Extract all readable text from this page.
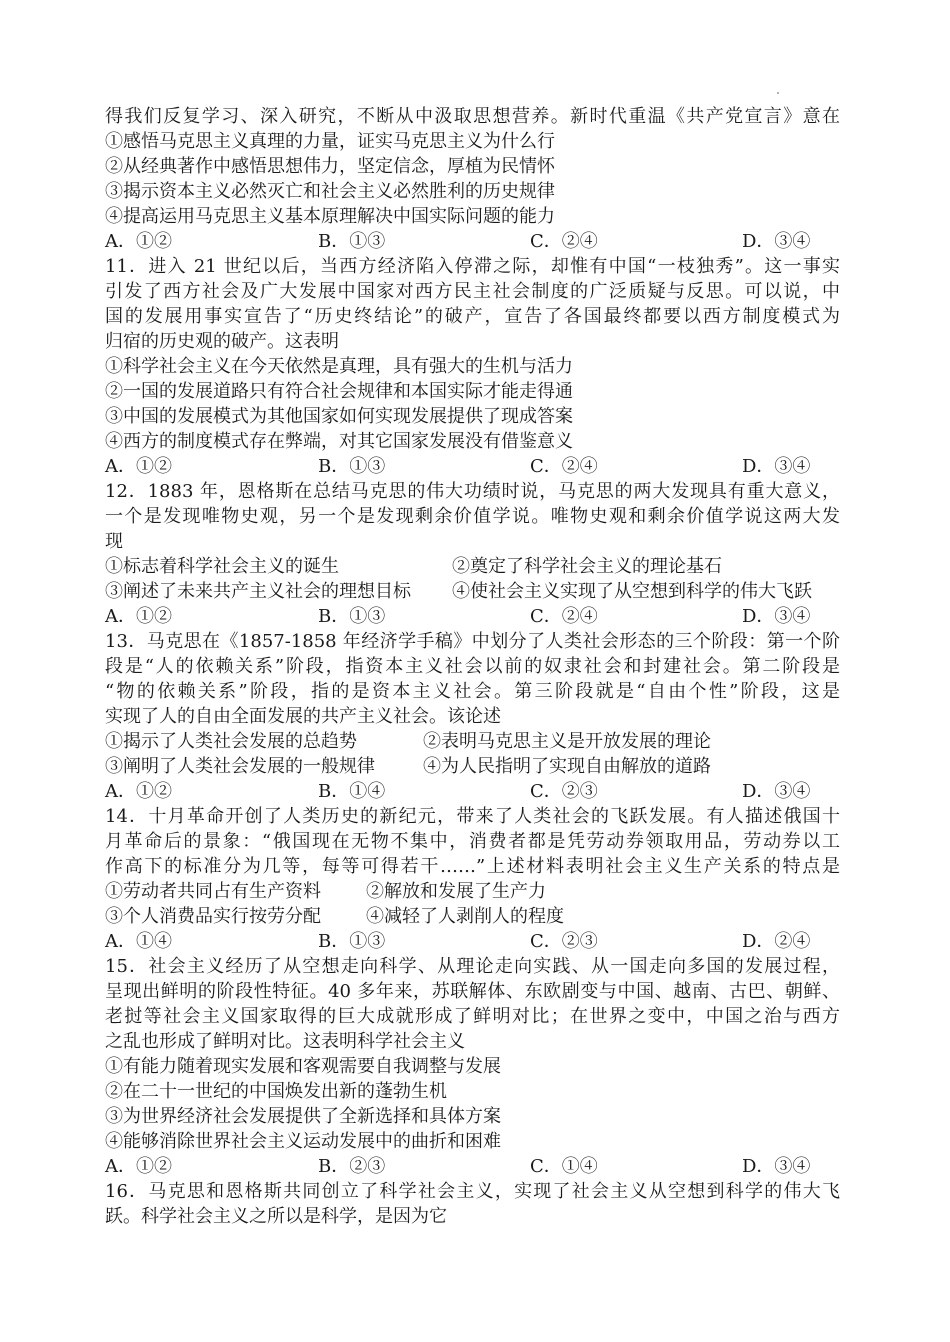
得我们反复学习、深入研究，不断从中汲取思想营养。新时代重温《共产党宣言》意在
①感悟马克思主义真理的力量，证实马克思主义为什么行
②从经典著作中感悟思想伟力，坚定信念，厚植为民情怀
③揭示资本主义必然灭亡和社会主义必然胜利的历史规律
④提高运用马克思主义基本原理解决中国实际问题的能力
A．①②	B．①③	C．②④	D．③④
11．进入 21 世纪以后，当西方经济陷入停滞之际，却惟有中国“一枝独秀”。这一事实
引发了西方社会及广大发展中国家对西方民主社会制度的广泛质疑与反思。可以说，中
国的发展用事实宣告了“历史终结论”的破产，宣告了各国最终都要以西方制度模式为
归宿的历史观的破产。这表明
①科学社会主义在今天依然是真理，具有强大的生机与活力
②一国的发展道路只有符合社会规律和本国实际才能走得通
③中国的发展模式为其他国家如何实现发展提供了现成答案
④西方的制度模式存在弊端，对其它国家发展没有借鉴意义
A．①②	B．①③	C．②④	D．③④
12．1883 年，恩格斯在总结马克思的伟大功绩时说，马克思的两大发现具有重大意义，
一个是发现唯物史观，另一个是发现剩余价值学说。唯物史观和剩余价值学说这两大发
现
①标志着科学社会主义的诞生	②奠定了科学社会主义的理论基石
③阐述了未来共产主义社会的理想目标 ④使社会主义实现了从空想到科学的伟大飞跃
A．①②	B．①③	C．②④	D．③④
13．马克思在《1857-1858 年经济学手稿》中划分了人类社会形态的三个阶段：第一个阶
段是“人的依赖关系”阶段，指资本主义社会以前的奴隶社会和封建社会。第二阶段是
“物的依赖关系”阶段，指的是资本主义社会。第三阶段就是“自由个性”阶段，这是
实现了人的自由全面发展的共产主义社会。该论述
①揭示了人类社会发展的总趋势	②表明马克思主义是开放发展的理论
③阐明了人类社会发展的一般规律	④为人民指明了实现自由解放的道路
A．①②	B．①④	C．②③	D．③④
14．十月革命开创了人类历史的新纪元，带来了人类社会的飞跃发展。有人描述俄国十
月革命后的景象：“俄国现在无物不集中，消费者都是凭劳动券领取用品，劳动券以工
作高下的标准分为几等，每等可得若干……”上述材料表明社会主义生产关系的特点是
①劳动者共同占有生产资料	②解放和发展了生产力
③个人消费品实行按劳分配	④减轻了人剥削人的程度
A．①④	B．①③	C．②③	D．②④
15．社会主义经历了从空想走向科学、从理论走向实践、从一国走向多国的发展过程，
呈现出鲜明的阶段性特征。40 多年来，苏联解体、东欧剧变与中国、越南、古巴、朝鲜、
老挝等社会主义国家取得的巨大成就形成了鲜明对比；在世界之变中，中国之治与西方
之乱也形成了鲜明对比。这表明科学社会主义
①有能力随着现实发展和客观需要自我调整与发展
②在二十一世纪的中国焕发出新的蓬勃生机
③为世界经济社会发展提供了全新选择和具体方案
④能够消除世界社会主义运动发展中的曲折和困难
A．①②	B．②③	C．①④	D．③④
16．马克思和恩格斯共同创立了科学社会主义，实现了社会主义从空想到科学的伟大飞
跃。科学社会主义之所以是科学，是因为它
